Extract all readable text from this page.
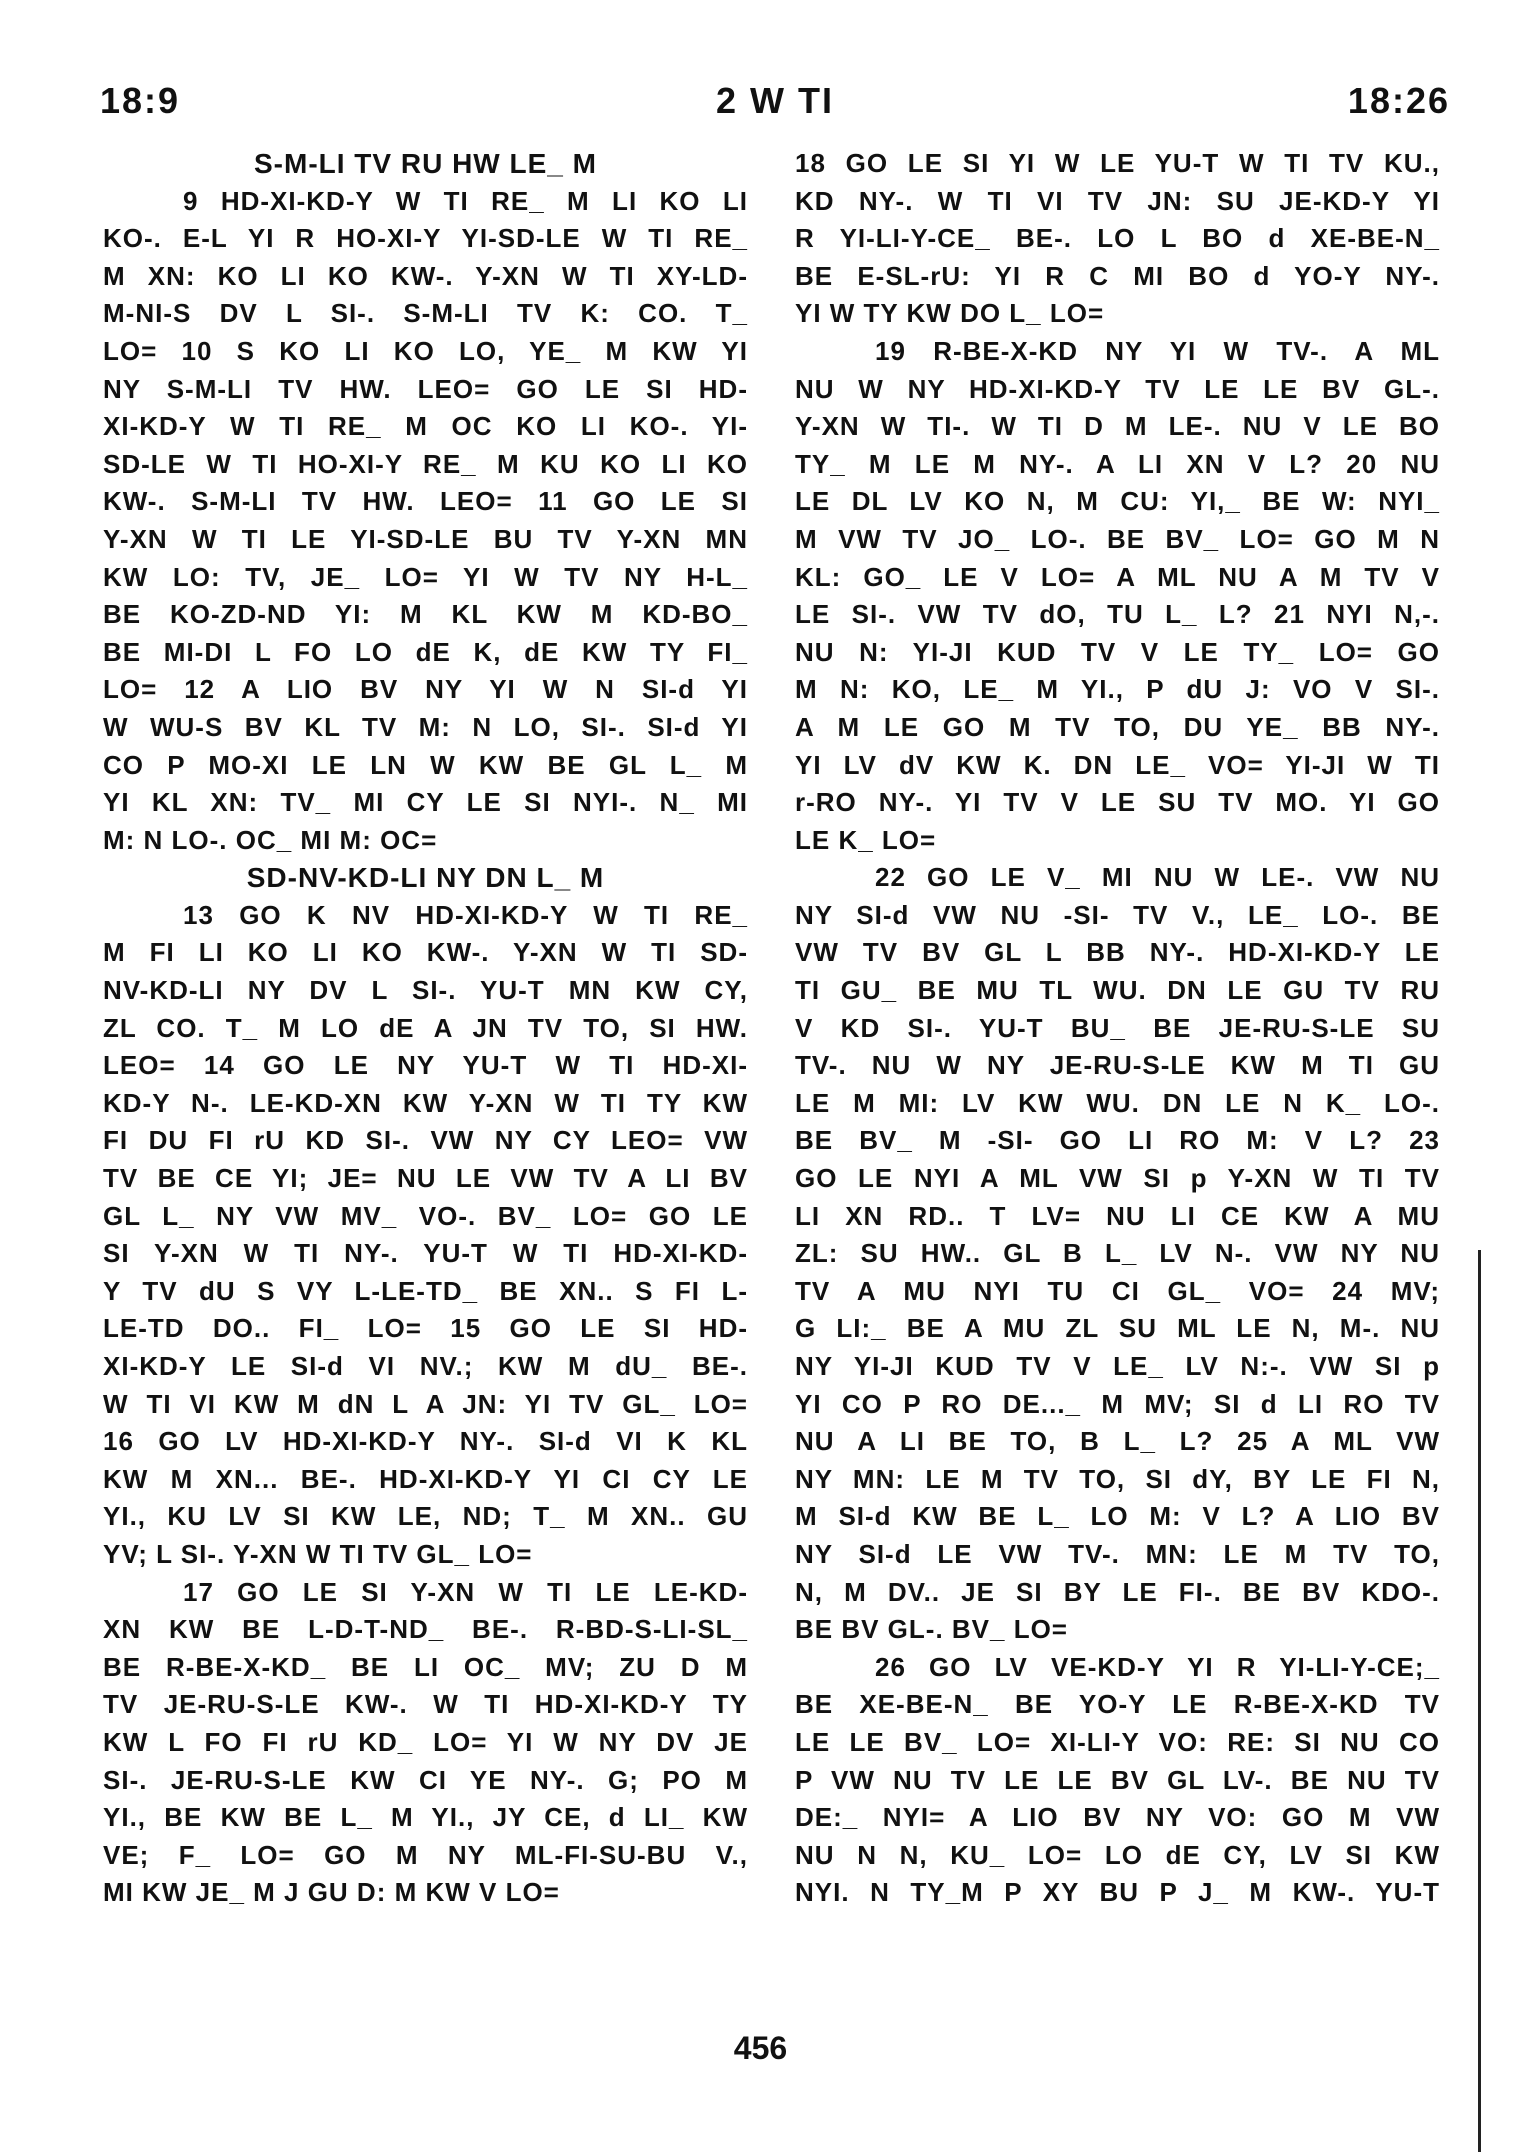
18:9	2 W TI	18:26
S-M-LI TV RU HW LE_ M
9 HD-XI-KD-Y W TI RE_ M LI KO LI
KO-. E-L YI R HO-XI-Y YI-SD-LE W TI RE_
M XN: KO LI KO KW-. Y-XN W TI XY-LD-
M-NI-S DV L SI-. S-M-LI TV K: CO. T_
LO= 10 S KO LI KO LO, YE_ M KW YI
NY S-M-LI TV HW. LEO= GO LE SI HD-
XI-KD-Y W TI RE_ M OC KO LI KO-. YI-
SD-LE W TI HO-XI-Y RE_ M KU KO LI KO
KW-. S-M-LI TV HW. LEO= 11 GO LE SI
Y-XN W TI LE YI-SD-LE BU TV Y-XN MN
KW LO: TV, JE_ LO= YI W TV NY H-L_
BE KO-ZD-ND YI: M KL KW M KD-BO_
BE MI-DI L FO LO dE K, dE KW TY FI_
LO= 12 A LIO BV NY YI W N SI-d YI
W WU-S BV KL TV M: N LO, SI-. SI-d YI
CO P MO-XI LE LN W KW BE GL L_ M
YI KL XN: TV_ MI CY LE SI NYI-. N_ MI
M: N LO-. OC_ MI M: OC=
SD-NV-KD-LI NY DN L_ M
13 GO K NV HD-XI-KD-Y W TI RE_
M FI LI KO LI KO KW-. Y-XN W TI SD-
NV-KD-LI NY DV L SI-. YU-T MN KW CY,
ZL CO. T_ M LO dE A JN TV TO, SI HW.
LEO= 14 GO LE NY YU-T W TI HD-XI-
KD-Y N-. LE-KD-XN KW Y-XN W TI TY KW
FI DU FI rU KD SI-. VW NY CY LEO= VW
TV BE CE YI; JE= NU LE VW TV A LI BV
GL L_ NY VW MV_ VO-. BV_ LO= GO LE
SI Y-XN W TI NY-. YU-T W TI HD-XI-KD-
Y TV dU S VY L-LE-TD_ BE XN.. S FI L-
LE-TD DO.. FI_ LO= 15 GO LE SI HD-
XI-KD-Y LE SI-d VI NV.; KW M dU_ BE-.
W TI VI KW M dN L A JN: YI TV GL_ LO=
16 GO LV HD-XI-KD-Y NY-. SI-d VI K KL
KW M XN... BE-. HD-XI-KD-Y YI CI CY LE
YI., KU LV SI KW LE, ND; T_ M XN.. GU
YV; L SI-. Y-XN W TI TV GL_ LO=
17 GO LE SI Y-XN W TI LE LE-KD-
XN KW BE L-D-T-ND_ BE-. R-BD-S-LI-SL_
BE R-BE-X-KD_ BE LI OC_ MV; ZU D M
TV JE-RU-S-LE KW-. W TI HD-XI-KD-Y TY
KW L FO FI rU KD_ LO= YI W NY DV JE
SI-. JE-RU-S-LE KW CI YE NY-. G; PO M
YI., BE KW BE L_ M YI., JY CE, d LI_ KW
VE; F_ LO= GO M NY ML-FI-SU-BU V.,
MI KW JE_ M J GU D: M KW V LO=
18 GO LE SI YI W LE YU-T W TI TV KU.,
KD NY-. W TI VI TV JN: SU JE-KD-Y YI
R YI-LI-Y-CE_ BE-. LO L BO d XE-BE-N_
BE E-SL-rU: YI R C MI BO d YO-Y NY-.
YI W TY KW DO L_ LO=
19 R-BE-X-KD NY YI W TV-. A ML
NU W NY HD-XI-KD-Y TV LE LE BV GL-.
Y-XN W TI-. W TI D M LE-. NU V LE BO
TY_ M LE M NY-. A LI XN V L? 20 NU
LE DL LV KO N, M CU: YI,_ BE W: NYI_
M VW TV JO_ LO-. BE BV_ LO= GO M N
KL: GO_ LE V LO= A ML NU A M TV V
LE SI-. VW TV dO, TU L_ L? 21 NYI N,-.
NU N: YI-JI KUD TV V LE TY_ LO= GO
M N: KO, LE_ M YI., P dU J: VO V SI-.
A M LE GO M TV TO, DU YE_ BB NY-.
YI LV dV KW K. DN LE_ VO= YI-JI W TI
r-RO NY-. YI TV V LE SU TV MO. YI GO
LE K_ LO=
22 GO LE V_ MI NU W LE-. VW NU
NY SI-d VW NU -SI- TV V., LE_ LO-. BE
VW TV BV GL L BB NY-. HD-XI-KD-Y LE
TI GU_ BE MU TL WU. DN LE GU TV RU
V KD SI-. YU-T BU_ BE JE-RU-S-LE SU
TV-. NU W NY JE-RU-S-LE KW M TI GU
LE M MI: LV KW WU. DN LE N K_ LO-.
BE BV_ M -SI- GO LI RO M: V L? 23
GO LE NYI A ML VW SI p Y-XN W TI TV
LI XN RD.. T LV= NU LI CE KW A MU
ZL: SU HW.. GL B L_ LV N-. VW NY NU
TV A MU NYI TU CI GL_ VO= 24 MV;
G LI:_ BE A MU ZL SU ML LE N, M-. NU
NY YI-JI KUD TV V LE_ LV N:-. VW SI p
YI CO P RO DE..._ M MV; SI d LI RO TV
NU A LI BE TO, B L_ L? 25 A ML VW
NY MN: LE M TV TO, SI dY, BY LE FI N,
M SI-d KW BE L_ LO M: V L? A LIO BV
NY SI-d LE VW TV-. MN: LE M TV TO,
N, M DV.. JE SI BY LE FI-. BE BV KDO-.
BE BV GL-. BV_ LO=
26 GO LV VE-KD-Y YI R YI-LI-Y-CE;_
BE XE-BE-N_ BE YO-Y LE R-BE-X-KD TV
LE LE BV_ LO= XI-LI-Y VO: RE: SI NU CO
P VW NU TV LE LE BV GL LV-. BE NU TV
DE:_ NYI= A LIO BV NY VO: GO M VW
NU N N, KU_ LO= LO dE CY, LV SI KW
NYI. N TY_M P XY BU P J_ M KW-. YU-T
456
